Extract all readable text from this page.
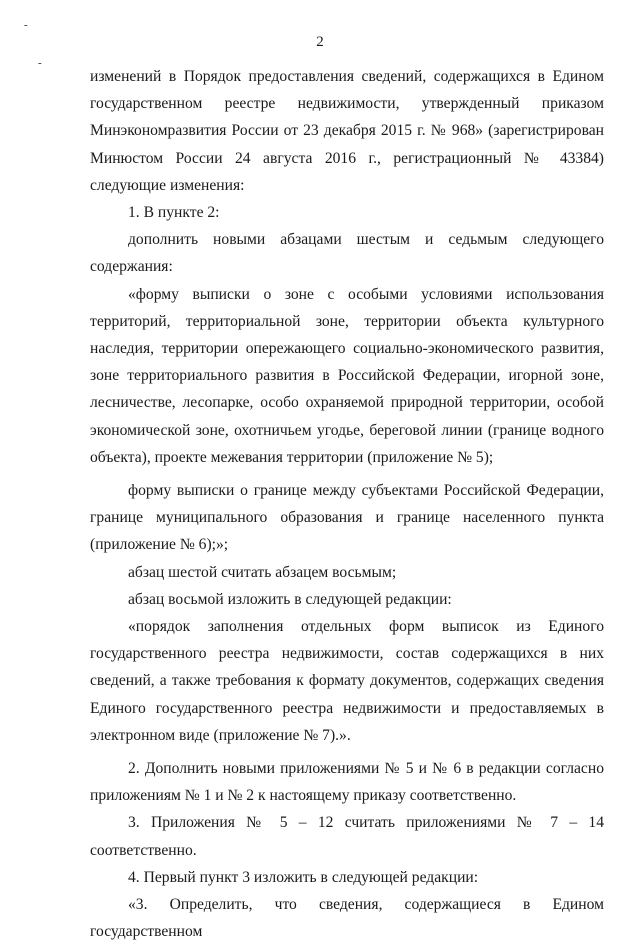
-
-
2

изменений в Порядок предоставления сведений, содержащихся в Едином государственном реестре недвижимости, утвержденный приказом Минэкономразвития России от 23 декабря 2015 г. № 968» (зарегистрирован Минюстом России 24 августа 2016 г., регистрационный № 43384) следующие изменения:

1. В пункте 2:

дополнить новыми абзацами шестым и седьмым следующего содержания:

«форму выписки о зоне с особыми условиями использования территорий, территориальной зоне, территории объекта культурного наследия, территории опережающего социально-экономического развития, зоне территориального развития в Российской Федерации, игорной зоне, лесничестве, лесопарке, особо охраняемой природной территории, особой экономической зоне, охотничьем угодье, береговой линии (границе водного объекта), проекте межевания территории (приложение № 5);

форму выписки о границе между субъектами Российской Федерации, границе муниципального образования и границе населенного пункта (приложение № 6);»;

абзац шестой считать абзацем восьмым;

абзац восьмой изложить в следующей редакции:

«порядок заполнения отдельных форм выписок из Единого государственного реестра недвижимости, состав содержащихся в них сведений, а также требования к формату документов, содержащих сведения Единого государственного реестра недвижимости и предоставляемых в электронном виде (приложение № 7).».

2. Дополнить новыми приложениями № 5 и № 6 в редакции согласно приложениям № 1 и № 2 к настоящему приказу соответственно.

3. Приложения № 5 – 12 считать приложениями № 7 – 14 соответственно.

4. Первый пункт 3 изложить в следующей редакции:

«3. Определить, что сведения, содержащиеся в Едином государственном
